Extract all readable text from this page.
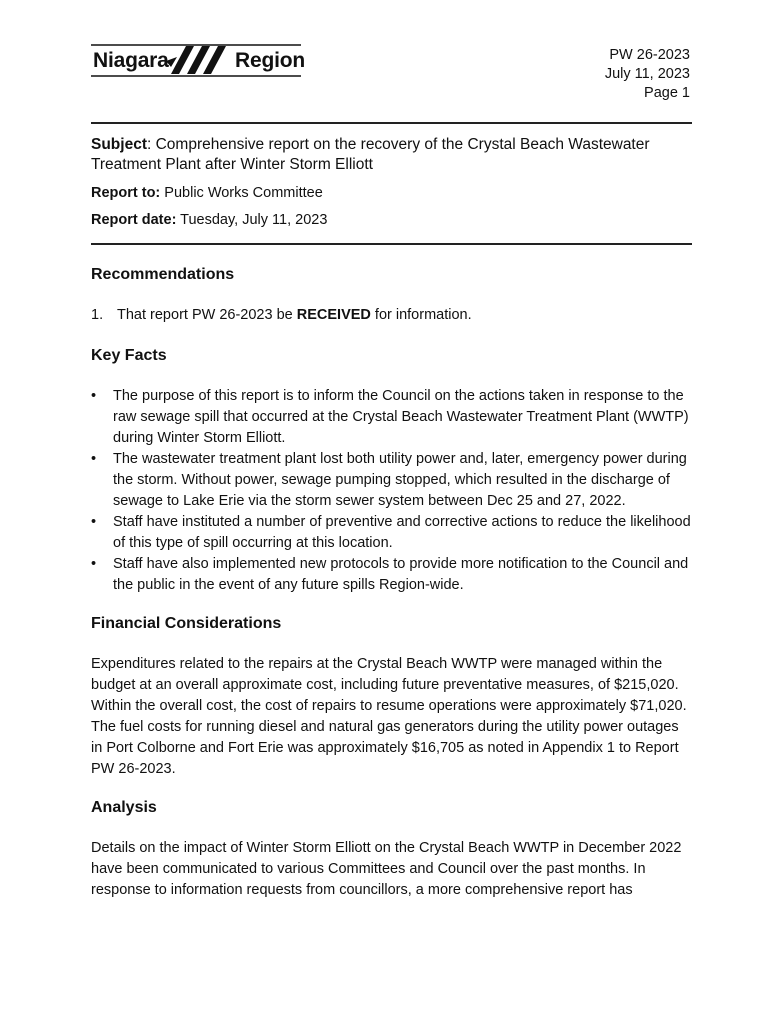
Niagara	Region	PW 26-2023
July 11, 2023
Page 1

Subject: Comprehensive report on the recovery of the Crystal Beach Wastewater Treatment Plant after Winter Storm Elliott

Report to: Public Works Committee

Report date: Tuesday, July 11, 2023

Recommendations
1. That report PW 26-2023 be RECEIVED for information.
Key Facts
• The purpose of this report is to inform the Council on the actions taken in response to the raw sewage spill that occurred at the Crystal Beach Wastewater Treatment Plant (WWTP) during Winter Storm Elliott.
• The wastewater treatment plant lost both utility power and, later, emergency power during the storm. Without power, sewage pumping stopped, which resulted in the discharge of sewage to Lake Erie via the storm sewer system between Dec 25 and 27, 2022.
• Staff have instituted a number of preventive and corrective actions to reduce the likelihood of this type of spill occurring at this location.
• Staff have also implemented new protocols to provide more notification to the Council and the public in the event of any future spills Region-wide.
Financial Considerations

Expenditures related to the repairs at the Crystal Beach WWTP were managed within the budget at an overall approximate cost, including future preventative measures, of $215,020. Within the overall cost, the cost of repairs to resume operations were approximately $71,020. The fuel costs for running diesel and natural gas generators during the utility power outages in Port Colborne and Fort Erie was approximately $16,705 as noted in Appendix 1 to Report PW 26-2023.

Analysis

Details on the impact of Winter Storm Elliott on the Crystal Beach WWTP in December 2022 have been communicated to various Committees and Council over the past months. In response to information requests from councillors, a more comprehensive report has
